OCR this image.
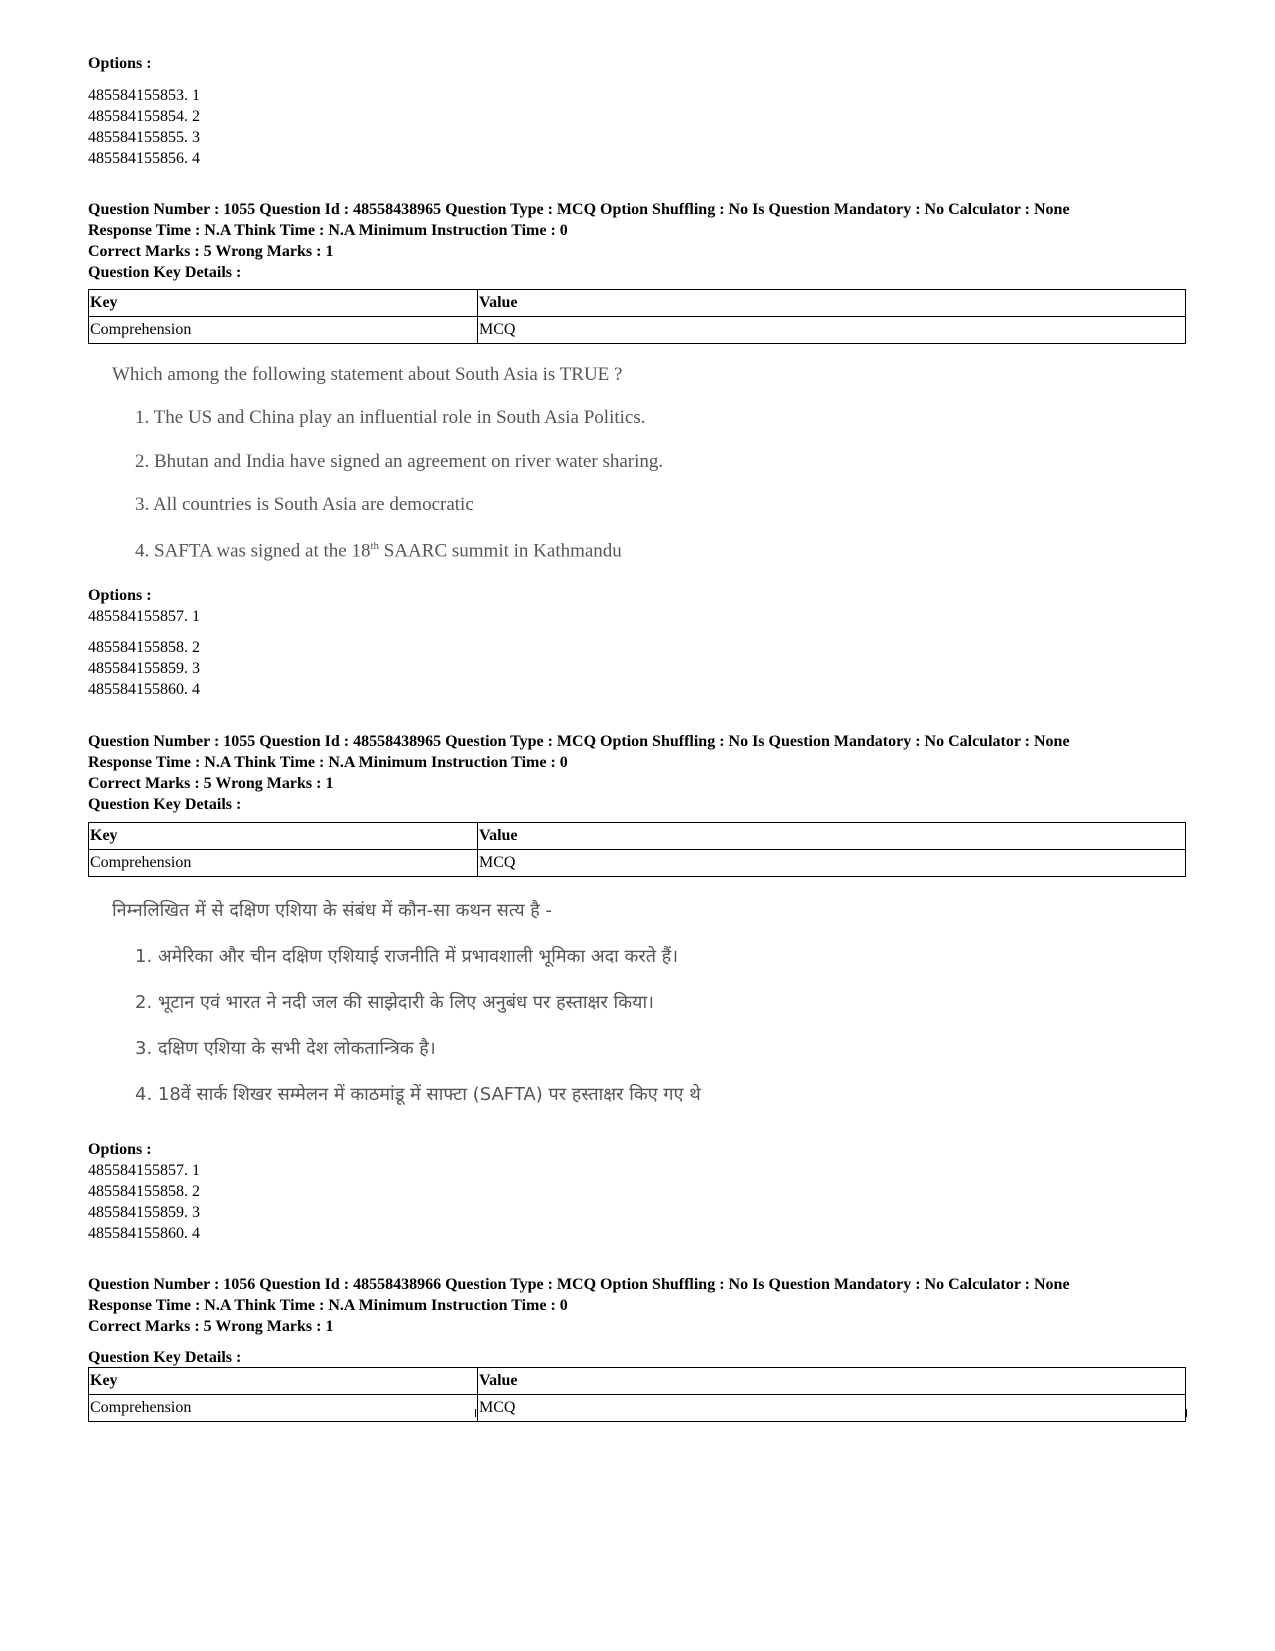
Options :
485584155853. 1
485584155854. 2
485584155855. 3
485584155856. 4
Question Number : 1055 Question Id : 48558438965 Question Type : MCQ Option Shuffling : No Is Question Mandatory : No Calculator : None
Response Time : N.A Think Time : N.A Minimum Instruction Time : 0
Correct Marks : 5 Wrong Marks : 1
Question Key Details :
Key	Value
Comprehension	MCQ
Which among the following statement about South Asia is TRUE ?
1. The US and China play an influential role in South Asia Politics.
2. Bhutan and India have signed an agreement on river water sharing.
3. All countries is South Asia are democratic
4. SAFTA was signed at the 18th SAARC summit in Kathmandu
Options :
485584155857. 1
485584155858. 2
485584155859. 3
485584155860. 4
Question Number : 1055 Question Id : 48558438965 Question Type : MCQ Option Shuffling : No Is Question Mandatory : No Calculator : None
Response Time : N.A Think Time : N.A Minimum Instruction Time : 0
Correct Marks : 5 Wrong Marks : 1
Question Key Details :
Key	Value
Comprehension	MCQ
निम्नलिखित में से दक्षिण एशिया के संबंध में कौन-सा कथन सत्य है -
1. अमेरिका और चीन दक्षिण एशियाई राजनीति में प्रभावशाली भूमिका अदा करते हैं।
2. भूटान एवं भारत ने नदी जल की साझेदारी के लिए अनुबंध पर हस्ताक्षर किया।
3. दक्षिण एशिया के सभी देश लोकतान्त्रिक है।
4. 18वें सार्क शिखर सम्मेलन में काठमांडू में साफ्टा (SAFTA) पर हस्ताक्षर किए गए थे
Options :
485584155857. 1
485584155858. 2
485584155859. 3
485584155860. 4
Question Number : 1056 Question Id : 48558438966 Question Type : MCQ Option Shuffling : No Is Question Mandatory : No Calculator : None
Response Time : N.A Think Time : N.A Minimum Instruction Time : 0
Correct Marks : 5 Wrong Marks : 1
Question Key Details :
Key	Value
Comprehension	MCQ
